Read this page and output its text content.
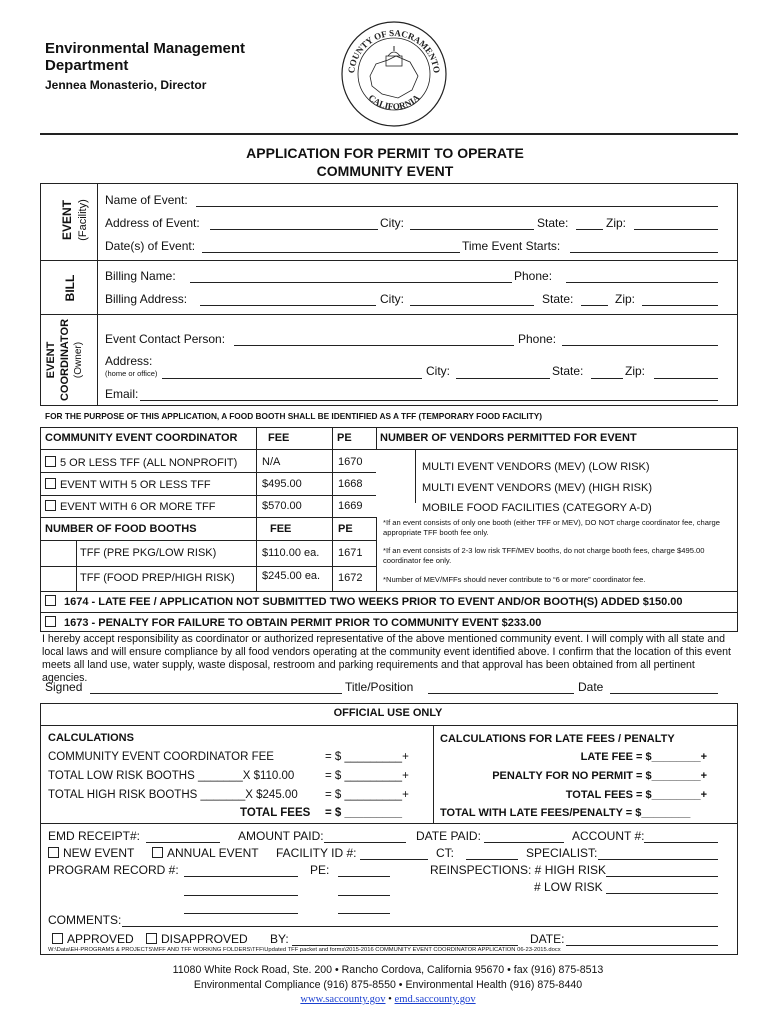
Environmental Management
Department
Jennea Monasterio, Director
COUNTY OF SACRAMENTO
CALIFORNIA
APPLICATION FOR PERMIT TO OPERATE
COMMUNITY EVENT
EVENT (Facility)
BILL
EVENT COORDINATOR (Owner)
Name of Event:
Address of Event:	City:	State:	Zip:
Date(s) of Event:	Time Event Starts:
Billing Name:	Phone:
Billing Address:	City:	State:	Zip:
Event Contact Person:	Phone:
Address:
(home or office)	City:	State:	Zip:
Email:
FOR THE PURPOSE OF THIS APPLICATION, A FOOD BOOTH SHALL BE IDENTIFIED AS A TFF (TEMPORARY FOOD FACILITY)
COMMUNITY EVENT COORDINATOR	FEE	PE	NUMBER OF VENDORS PERMITTED FOR EVENT
5 OR LESS TFF (ALL NONPROFIT) N/A	1670
EVENT WITH 5 OR LESS TFF	$495.00	1668
EVENT WITH 6 OR MORE TFF	$570.00	1669
MULTI EVENT VENDORS (MEV) (LOW RISK)
MULTI EVENT VENDORS (MEV) (HIGH RISK)
MOBILE FOOD FACILITIES (CATEGORY A-D)
NUMBER OF FOOD BOOTHS	FEE	PE
TFF (PRE PKG/LOW RISK)	$110.00 ea. 1671
TFF (FOOD PREP/HIGH RISK) $245.00 ea. 1672
*If an event consists of only one booth (either TFF or MEV), DO NOT charge coordinator fee, charge appropriate TFF booth fee only.
*If an event consists of 2-3 low risk TFF/MEV booths, do not charge booth fees, charge $495.00 coordinator fee only.
*Number of MEV/MFFs should never contribute to “6 or more” coordinator fee.
1674 - LATE FEE / APPLICATION NOT SUBMITTED TWO WEEKS PRIOR TO EVENT AND/OR BOOTH(S) ADDED $150.00
1673 - PENALTY FOR FAILURE TO OBTAIN PERMIT PRIOR TO COMMUNITY EVENT $233.00
I hereby accept responsibility as coordinator or authorized representative of the above mentioned community event. I will comply with all state and local laws and will ensure compliance by all food vendors operating at the community event identified above. I confirm that the location of this event meets all land use, water supply, waste disposal, restroom and parking requirements and that approval has been obtained from all pertinent agencies.
Signed	Title/Position	Date
OFFICIAL USE ONLY
CALCULATIONS
COMMUNITY EVENT COORDINATOR FEE	= $ _________+
TOTAL LOW RISK BOOTHS _______X $110.00	= $ _________+
TOTAL HIGH RISK BOOTHS _______X $245.00 = $ _________+
TOTAL FEES = $ _________
CALCULATIONS FOR LATE FEES / PENALTY
LATE FEE = $________+
PENALTY FOR NO PERMIT = $________+
TOTAL FEES = $________+
TOTAL WITH LATE FEES/PENALTY = $________
EMD RECEIPT#:	AMOUNT PAID:	DATE PAID:	ACCOUNT #:
NEW EVENT	ANNUAL EVENT FACILITY ID #:	CT:	SPECIALIST:
PROGRAM RECORD #:	PE:	REINSPECTIONS: # HIGH RISK
# LOW RISK
COMMENTS:
APPROVED	DISAPPROVED BY:	DATE:
W:\Data\EH-PROGRAMS & PROJECTS\MFF AND TFF WORKING FOLDERS\TFF\Updated TFF packet and forms\2015-2016 COMMUNITY EVENT COORDINATOR APPLICATION 06-23-2015.docx
11080 White Rock Road, Ste. 200 • Rancho Cordova, California 95670 • fax (916) 875-8513
Environmental Compliance (916) 875-8550 • Environmental Health (916) 875-8440
www.saccounty.gov • emd.saccounty.gov
